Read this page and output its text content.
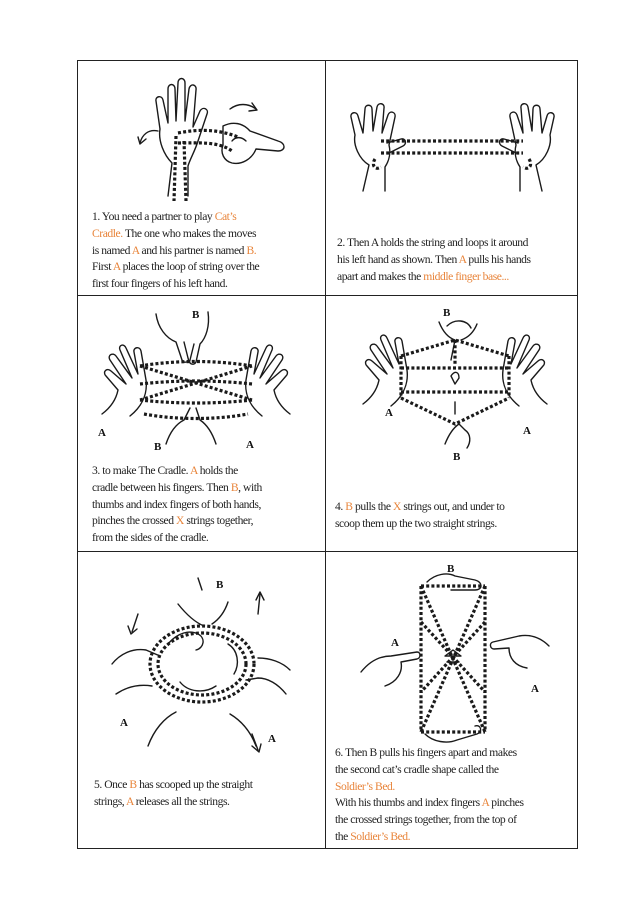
1. You need a partner to play Cat’s
Cradle. The one who makes the moves
is named A and his partner is named B.
First A places the loop of string over the
first four fingers of his left hand.
2. Then A holds the string and loops it around
his left hand as shown. Then A pulls his hands
apart and makes the middle finger base...
B
B
A
A
3. to make The Cradle. A holds the
cradle between his fingers. Then B, with
thumbs and index fingers of both hands,
pinches the crossed X strings together,
from the sides of the cradle.
B
B
A
A
4. B pulls the X strings out, and under to
scoop them up the two straight strings.
B
A
A
5. Once B has scooped up the straight
strings, A releases all the strings.
B
A
A
6. Then B pulls his fingers apart and makes
the second cat’s cradle shape called the
Soldier’s Bed.
With his thumbs and index fingers A pinches
the crossed strings together, from the top of
the Soldier’s Bed.
